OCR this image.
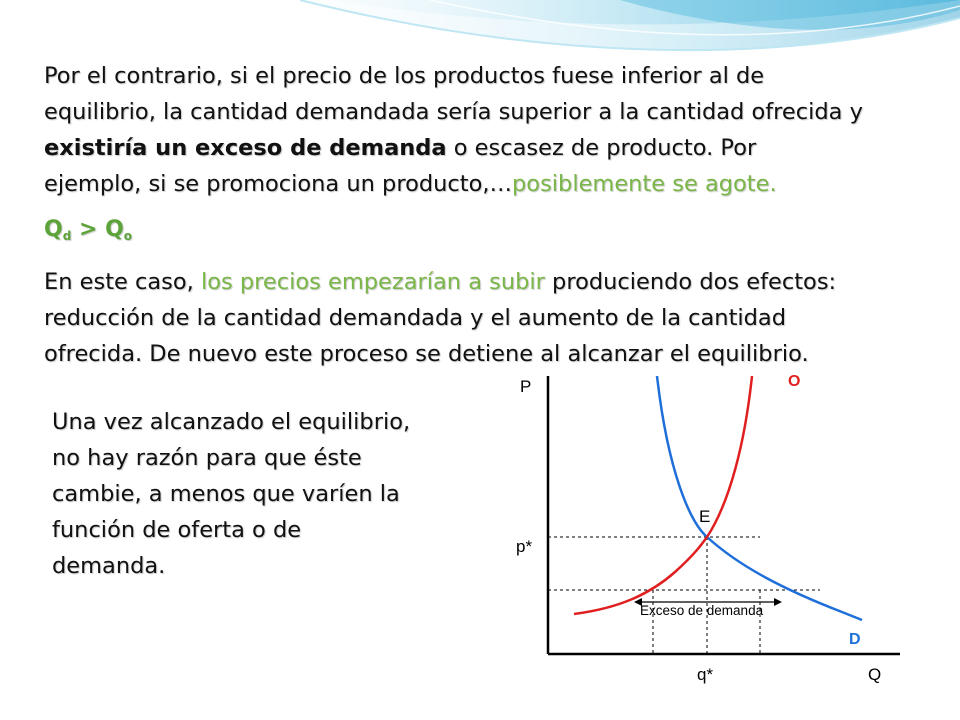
Por el contrario, si el precio de los productos fuese inferior al de
equilibrio, la cantidad demandada sería superior a la cantidad ofrecida y
existiría un exceso de demanda o escasez de producto. Por
ejemplo, si se promociona un producto,…posiblemente se agote.

$Q_d > Q_o$

En este caso, los precios empezarían a subir produciendo dos efectos:
reducción de la cantidad demandada y el aumento de la cantidad
ofrecida. De nuevo este proceso se detiene al alcanzar el equilibrio.

Una vez alcanzado el equilibrio,
no hay razón para que éste
cambie, a menos que varíen la
función de oferta o de
demanda.

P
Q
Exceso de demanda
O
D
E
p*
q*
